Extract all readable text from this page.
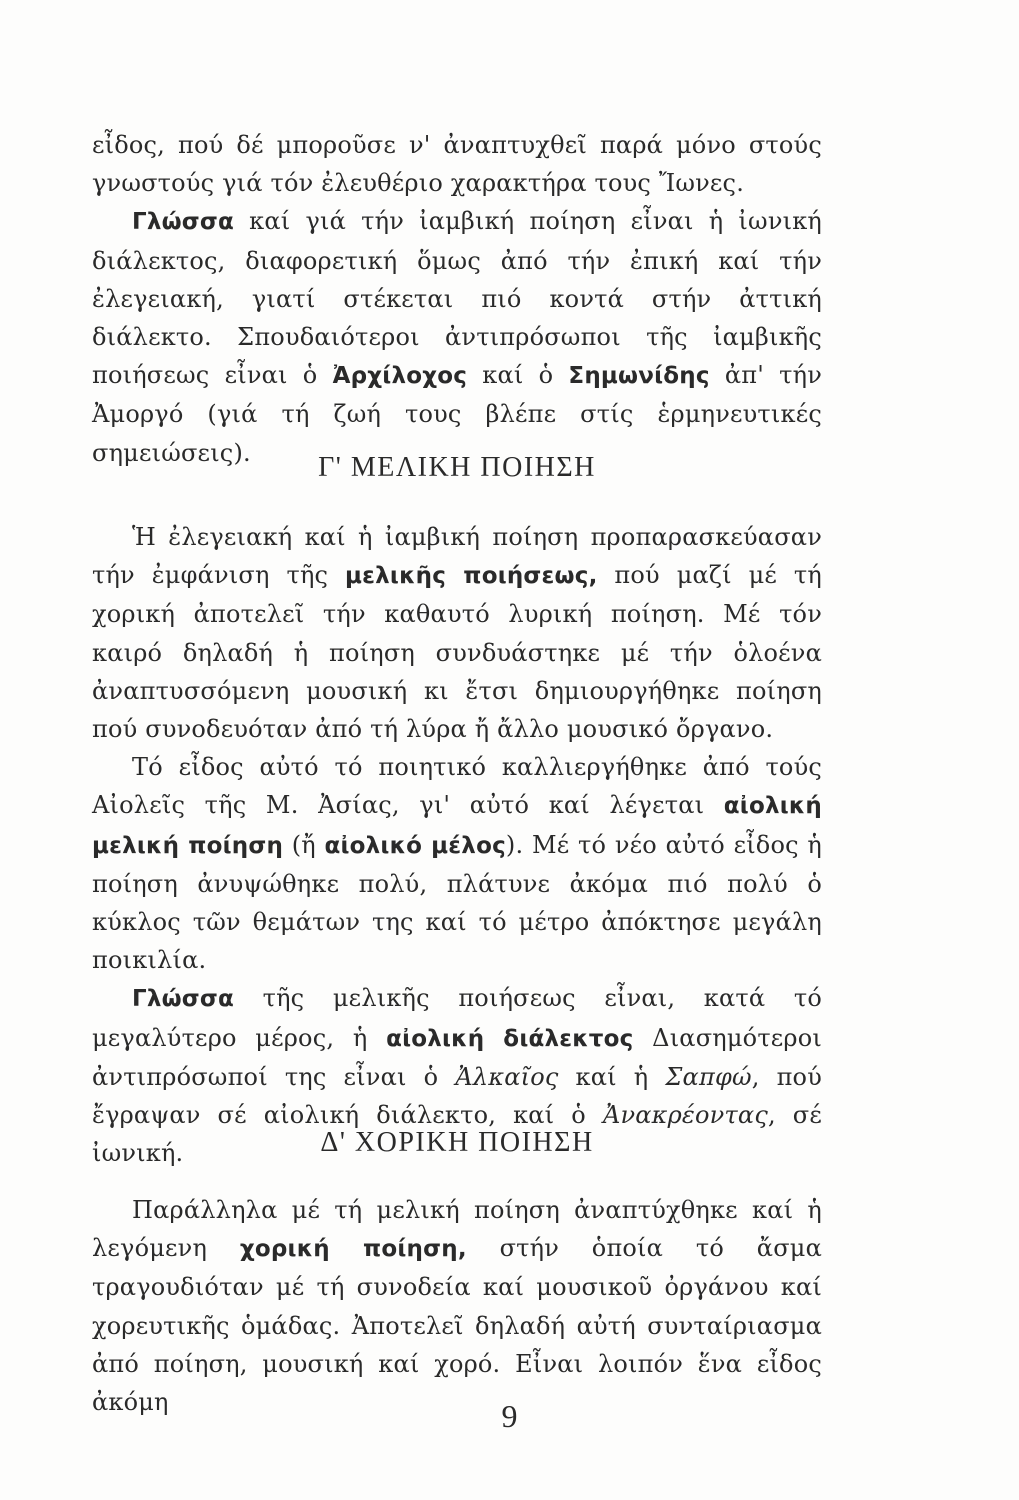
εἶδος, πού δέ μποροῦσε ν' ἀναπτυχθεῖ παρά μόνο στούς γνωστούς γιά τόν ἐλευθέριο χαρακτήρα τους Ἴωνες.

Γλώσσα καί γιά τήν ἰαμβική ποίηση εἶναι ἡ ἰωνική διάλεκτος, διαφορετική ὅμως ἀπό τήν ἐπική καί τήν ἐλεγειακή, γιατί στέκεται πιό κοντά στήν ἀττική διάλεκτο. Σπουδαιότεροι ἀντιπρόσωποι τῆς ἰαμβικῆς ποιήσεως εἶναι ὁ Ἀρχίλοχος καί ὁ Σημωνίδης ἀπ' τήν Ἀμοργό (γιά τή ζωή τους βλέπε στίς ἑρμηνευτικές σημειώσεις).	Γ' ΜΕΛΙΚΗ ΠΟΙΗΣΗ

Ἡ ἐλεγειακή καί ἡ ἰαμβική ποίηση προπαρασκεύασαν τήν ἐμφάνιση τῆς μελικῆς ποιήσεως, πού μαζί μέ τή χορική ἀποτελεῖ τήν καθαυτό λυρική ποίηση. Μέ τόν καιρό δηλαδή ἡ ποίηση συνδυάστηκε μέ τήν ὁλοένα ἀναπτυσσόμενη μουσική κι ἔτσι δημιουργήθηκε ποίηση πού συνοδευόταν ἀπό τή λύρα ἤ ἄλλο μουσικό ὄργανο.

Τό εἶδος αὐτό τό ποιητικό καλλιεργήθηκε ἀπό τούς Αἰολεῖς τῆς Μ. Ἀσίας, γι' αὐτό καί λέγεται αἰολική μελική ποίηση (ἤ αἰολικό μέλος). Μέ τό νέο αὐτό εἶδος ἡ ποίηση ἀνυψώθηκε πολύ, πλάτυνε ἀκόμα πιό πολύ ὁ κύκλος τῶν θεμάτων της καί τό μέτρο ἀπόκτησε μεγάλη ποικιλία.

Γλώσσα τῆς μελικῆς ποιήσεως εἶναι, κατά τό μεγαλύτερο μέρος, ἡ αἰολική διάλεκτος Διασημότεροι ἀντιπρόσωποί της εἶναι ὁ Ἀλκαῖος καί ἡ Σαπφώ, πού ἔγραψαν σέ αἰολική διάλεκτο, καί ὁ Ἀνακρέοντας, σέ ἰωνική.	Δ' ΧΟΡΙΚΗ ΠΟΙΗΣΗ

Παράλληλα μέ τή μελική ποίηση ἀναπτύχθηκε καί ἡ λεγόμενη χορική ποίηση, στήν ὁποία τό ἄσμα τραγουδιόταν μέ τή συνοδεία καί μουσικοῦ ὀργάνου καί χορευτικῆς ὁμάδας. Ἀποτελεῖ δηλαδή αὐτή συνταίριασμα ἀπό ποίηση, μουσική καί χορό. Εἶναι λοιπόν ἕνα εἶδος ἀκόμη	9
